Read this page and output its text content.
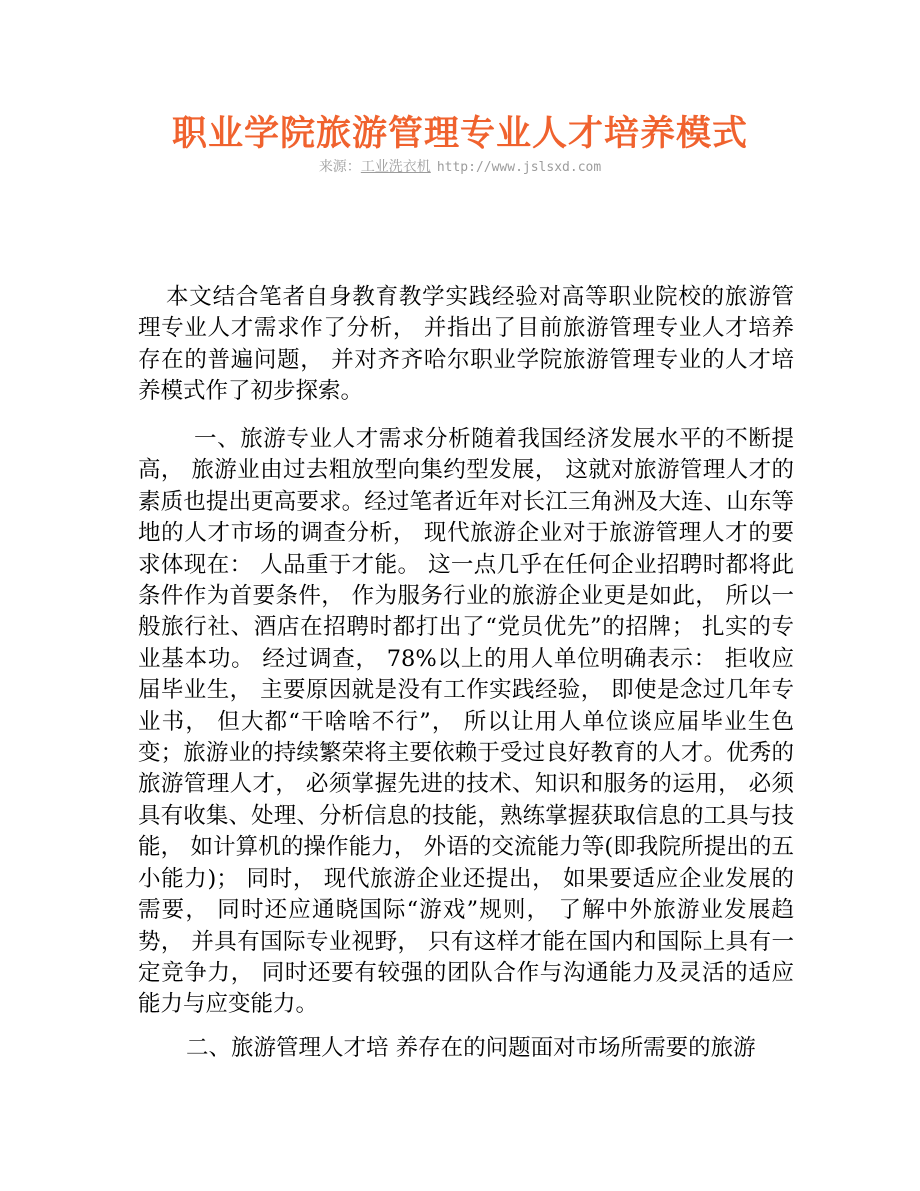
职业学院旅游管理专业人才培养模式
来源：工业洗衣机 http://www.jslsxd.com

本文结合笔者自身教育教学实践经验对高等职业院校的旅游管理专业人才需求作了分析， 并指出了目前旅游管理专业人才培养存在的普遍问题， 并对齐齐哈尔职业学院旅游管理专业的人才培养模式作了初步探索。

一、旅游专业人才需求分析随着我国经济发展水平的不断提高， 旅游业由过去粗放型向集约型发展， 这就对旅游管理人才的素质也提出更高要求。经过笔者近年对长江三角洲及大连、山东等地的人才市场的调查分析， 现代旅游企业对于旅游管理人才的要求体现在： 人品重于才能。 这一点几乎在任何企业招聘时都将此条件作为首要条件， 作为服务行业的旅游企业更是如此， 所以一般旅行社、酒店在招聘时都打出了“党员优先”的招牌； 扎实的专业基本功。 经过调查， 78%以上的用人单位明确表示： 拒收应届毕业生， 主要原因就是没有工作实践经验， 即使是念过几年专业书， 但大都“干啥啥不行”， 所以让用人单位谈应届毕业生色变；旅游业的持续繁荣将主要依赖于受过良好教育的人才。优秀的旅游管理人才， 必须掌握先进的技术、知识和服务的运用， 必须具有收集、处理、分析信息的技能，熟练掌握获取信息的工具与技能， 如计算机的操作能力， 外语的交流能力等(即我院所提出的五小能力)； 同时， 现代旅游企业还提出， 如果要适应企业发展的需要， 同时还应通晓国际“游戏”规则， 了解中外旅游业发展趋势， 并具有国际专业视野， 只有这样才能在国内和国际上具有一定竞争力， 同时还要有较强的团队合作与沟通能力及灵活的适应能力与应变能力。

二、旅游管理人才培 养存在的问题面对市场所需要的旅游
